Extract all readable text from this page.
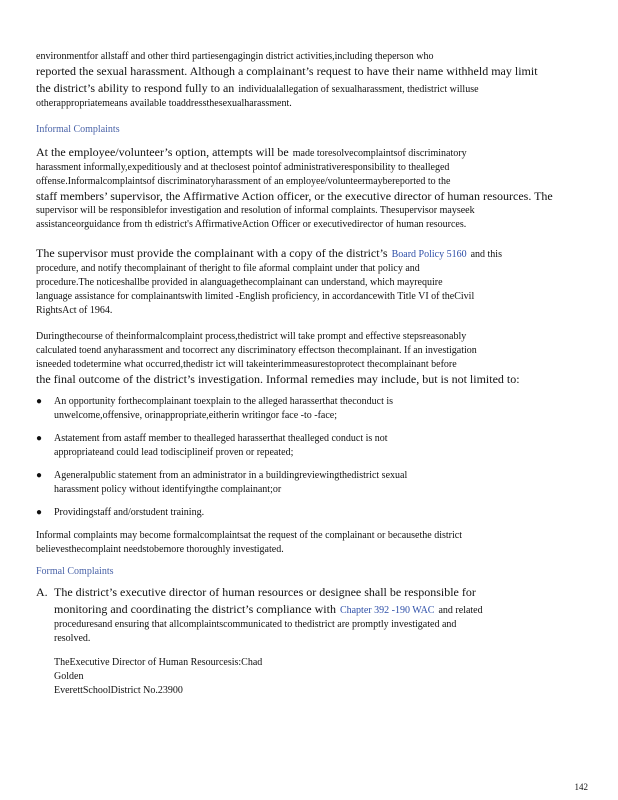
environmentfor allstaff and other third partiesengagingin district activities,including theperson who

reported the sexual harassment. Although a complainant’s request to have their name withheld may limit

the district’s ability to respond fully to an individualallegation of sexualharassment, thedistrict willuse

otherappropriatemeans available toaddressthesexualharassment.

Informal Complaints

At the employee/volunteer’s option, attempts will be made toresolvecomplaintsof discriminatory

harassment informally,expeditiously and at theclosest pointof administrativeresponsibility to thealleged

offense.Informalcomplaintsof discriminatoryharassment of an employee/volunteermaybereported to the

staff members’ supervisor, the Affirmative Action officer, or the executive director of human resources. The

supervisor will be responsiblefor investigation and resolution of informal complaints. Thesupervisor mayseek

assistanceorguidance from th edistrict's AffirmativeAction Officer or executivedirector of human resources.

The supervisor must provide the complainant with a copy of the district’s Board Policy 5160 and this

procedure, and notify thecomplainant of theright to file aformal complaint under that policy and

procedure.The noticeshallbe provided in alanguagethecomplainant can understand, which mayrequire

language assistance for complainantswith limited -English proficiency, in accordancewith Title VI of theCivil

RightsAct of 1964.

Duringthecourse of theinformalcomplaint process,thedistrict will take prompt and effective stepsreasonably

calculated toend anyharassment and tocorrect any discriminatory effectson thecomplainant. If an investigation

isneeded todetermine what occurred,thedistr ict will takeinterimmeasurestoprotect thecomplainant before

the final outcome of the district’s investigation. Informal remedies may include, but is not limited to:

● An opportunity forthecomplainant toexplain to the alleged harasserthat theconduct is

unwelcome,offensive, orinappropriate,eitherin writingor face -to -face;

● Astatement from astaff member to thealleged harasserthat thealleged conduct is not

appropriateand could lead todisciplineif proven or repeated;

● Ageneralpublic statement from an administrator in a buildingreviewingthedistrict sexual

harassment policy without identifyingthe complainant;or

● Providingstaff and/orstudent training.

Informal complaints may become formalcomplaintsat the request of the complainant or becausethe district

believesthecomplaint needstobemore thoroughly investigated.

Formal Complaints

A. The district’s executive director of human resources or designee shall be responsible for

monitoring and coordinating the district’s compliance with Chapter 392 -190 WAC and related

proceduresand ensuring that allcomplaintscommunicated to thedistrict are promptly investigated and

resolved.

TheExecutive Director of Human Resourcesis:Chad

Golden

EverettSchoolDistrict No.23900

142
